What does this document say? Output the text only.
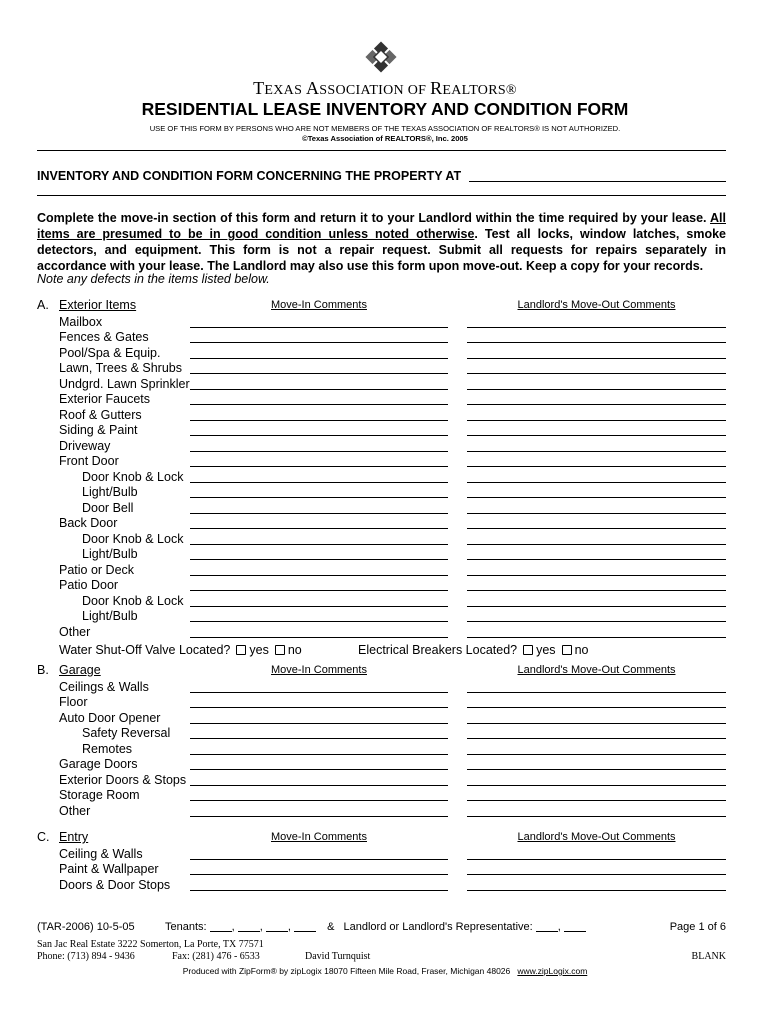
TEXAS ASSOCIATION OF REALTORS®
RESIDENTIAL LEASE INVENTORY AND CONDITION FORM
USE OF THIS FORM BY PERSONS WHO ARE NOT MEMBERS OF THE TEXAS ASSOCIATION OF REALTORS® IS NOT AUTHORIZED.
©Texas Association of REALTORS®, Inc. 2005
INVENTORY AND CONDITION FORM CONCERNING THE PROPERTY AT
Complete the move-in section of this form and return it to your Landlord within the time required by your lease. All items are presumed to be in good condition unless noted otherwise. Test all locks, window latches, smoke detectors, and equipment. This form is not a repair request. Submit all requests for repairs separately in accordance with your lease. The Landlord may also use this form upon move-out. Keep a copy for your records.
Note any defects in the items listed below.
A. Exterior Items	Move-In Comments	Landlord's Move-Out Comments
Mailbox
Fences & Gates
Pool/Spa & Equip.
Lawn, Trees & Shrubs
Undgrd. Lawn Sprinkler
Exterior Faucets
Roof & Gutters
Siding & Paint
Driveway
Front Door
Door Knob & Lock
Light/Bulb
Door Bell
Back Door
Door Knob & Lock
Light/Bulb
Patio or Deck
Patio Door
Door Knob & Lock
Light/Bulb
Other
B. Garage	Move-In Comments	Landlord's Move-Out Comments
Ceilings & Walls
Floor
Auto Door Opener
Safety Reversal
Remotes
Garage Doors
Exterior Doors & Stops
Storage Room
Other
C. Entry	Move-In Comments	Landlord's Move-Out Comments
Ceiling & Walls
Paint & Wallpaper
Doors & Door Stops
Water Shut-Off Valve Located? yes no	Electrical Breakers Located? yes no
(TAR-2006) 10-5-05	Tenants: , , ,	& Landlord or Landlord's Representative: ,	Page 1 of 6
San Jac Real Estate 3222 Somerton, La Porte, TX 77571
Phone: (713) 894 - 9436	Fax: (281) 476 - 6533	David Turnquist	BLANK
Produced with ZipForm® by zipLogix 18070 Fifteen Mile Road, Fraser, Michigan 48026 www.zipLogix.com
